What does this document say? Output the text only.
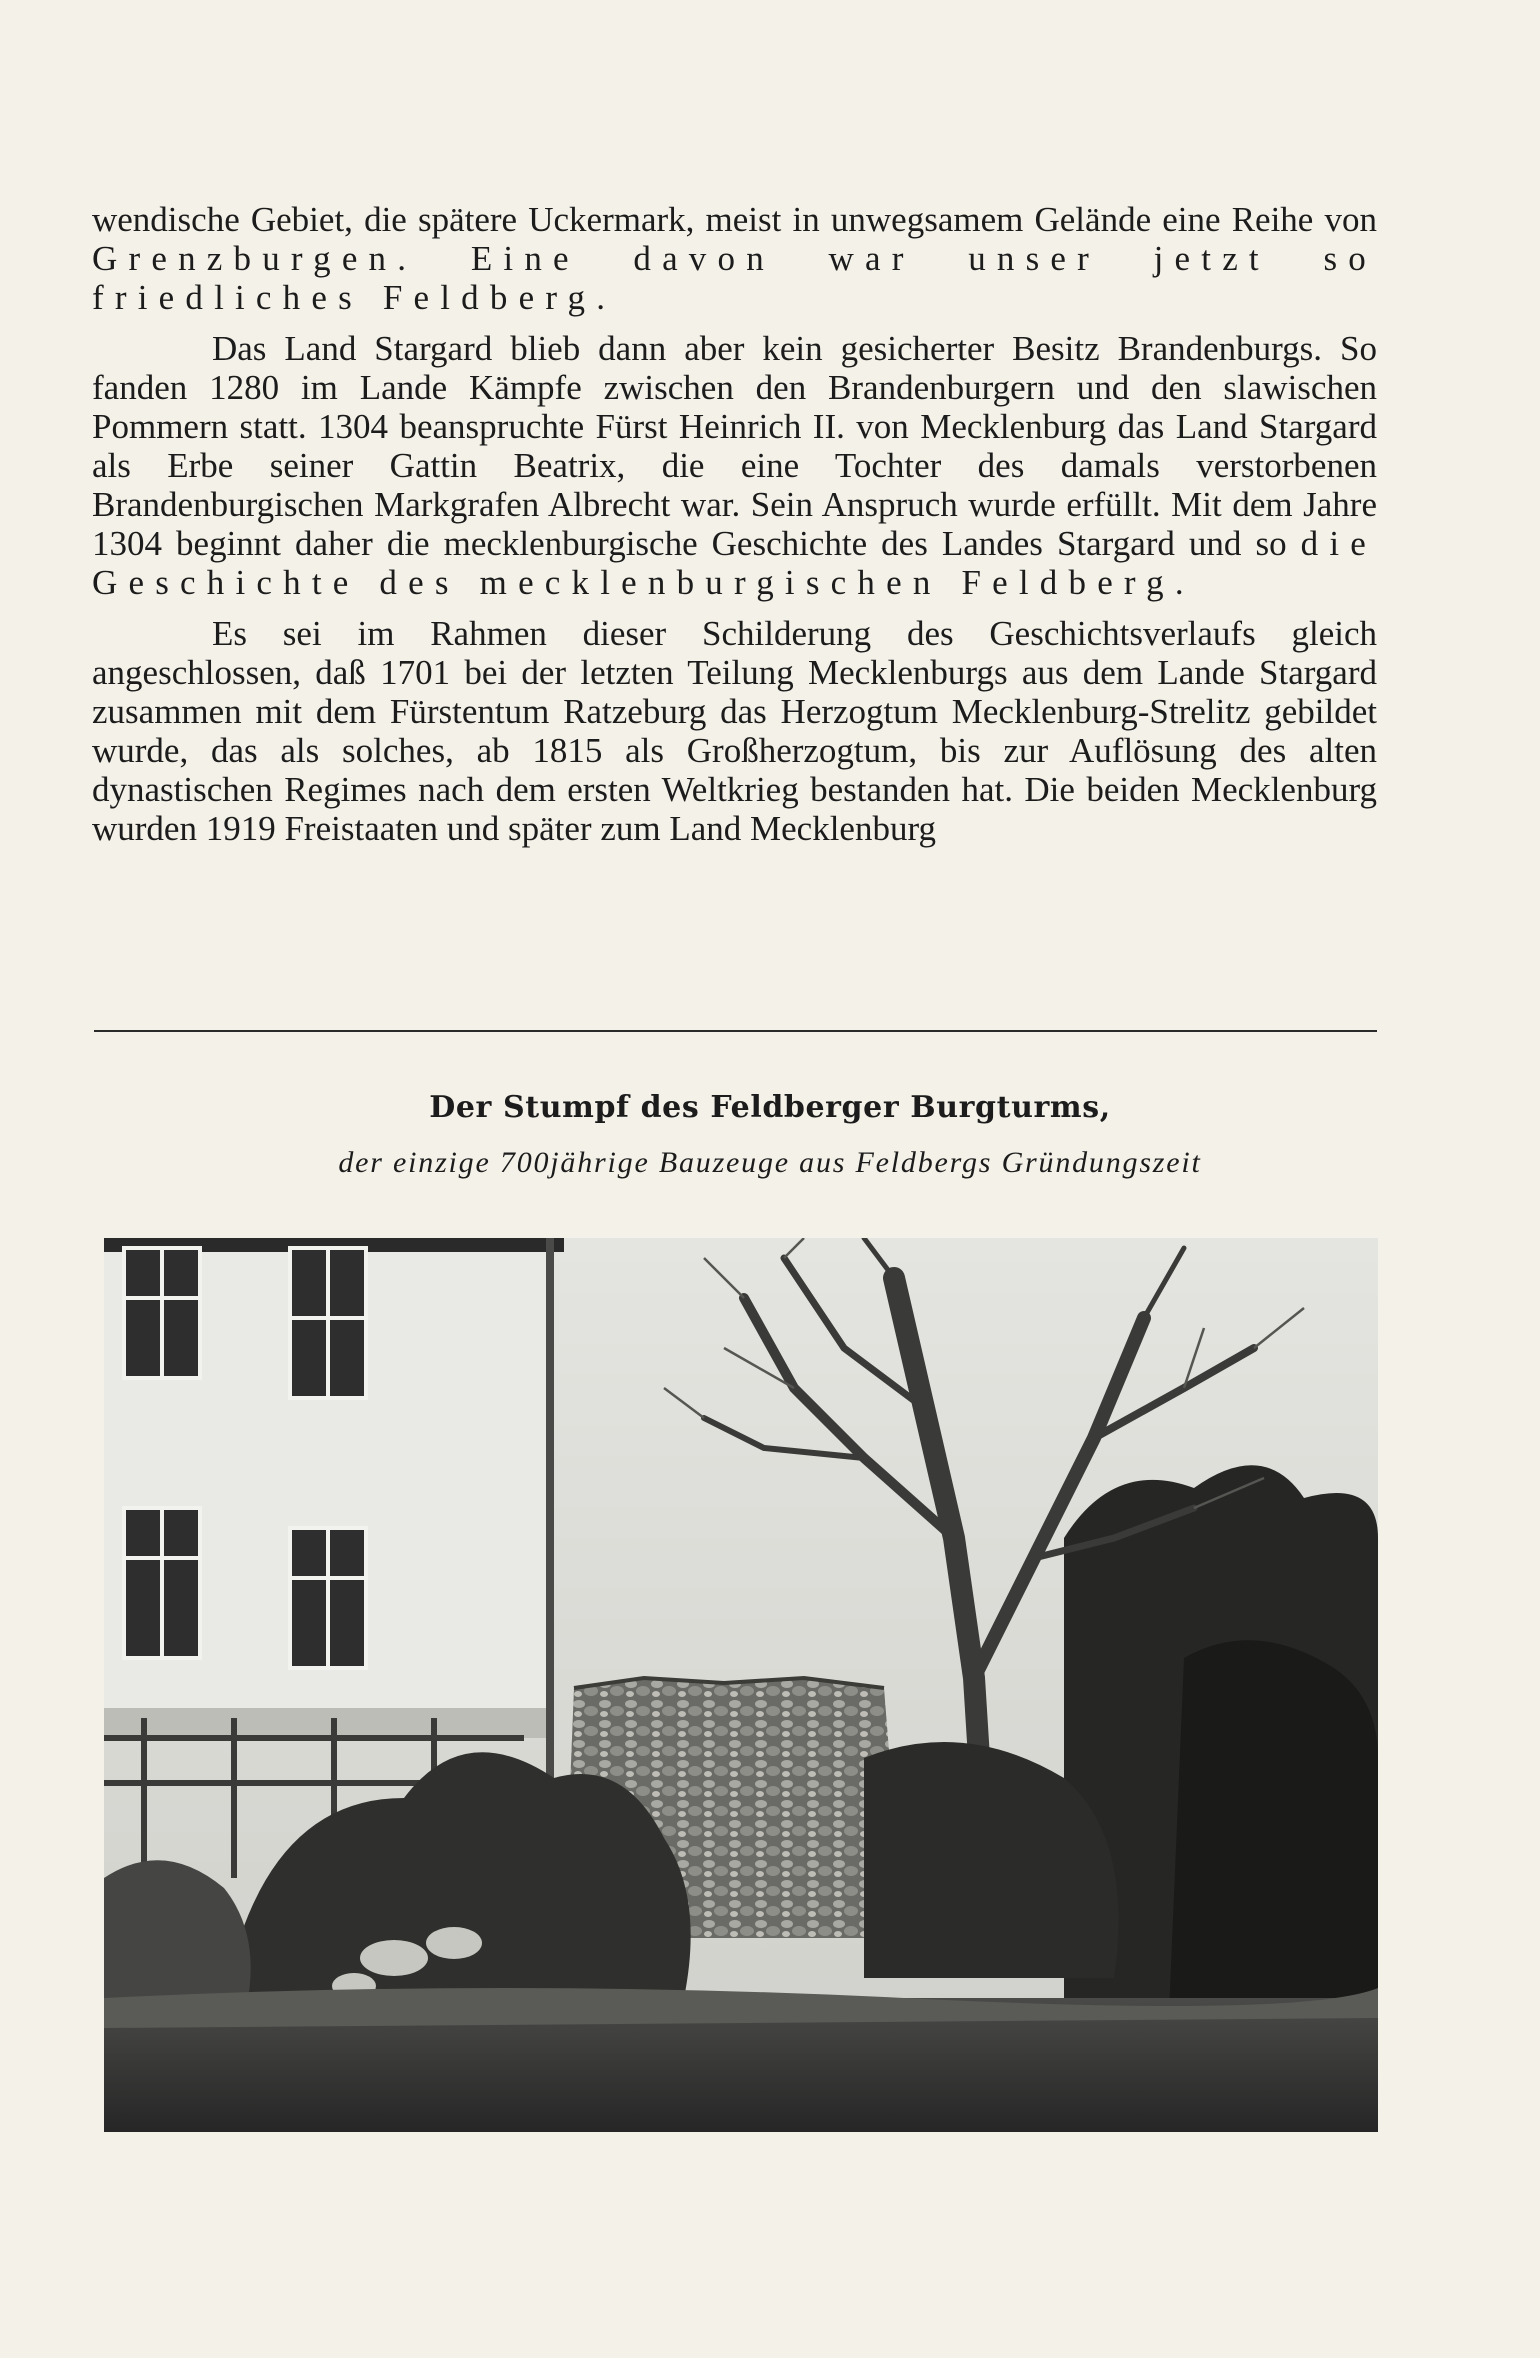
wendische Gebiet, die spätere Uckermark, meist in unwegsamem Gelände eine Reihe von Grenzburgen. Eine davon war unser jetzt so friedliches Feldberg.

Das Land Stargard blieb dann aber kein gesicherter Besitz Brandenburgs. So fanden 1280 im Lande Kämpfe zwischen den Brandenburgern und den slawischen Pommern statt. 1304 beanspruchte Fürst Heinrich II. von Mecklenburg das Land Stargard als Erbe seiner Gattin Beatrix, die eine Tochter des damals verstorbenen Brandenburgischen Markgrafen Albrecht war. Sein Anspruch wurde erfüllt. Mit dem Jahre 1304 beginnt daher die mecklenburgische Geschichte des Landes Stargard und so die Geschichte des mecklenburgischen Feldberg.

Es sei im Rahmen dieser Schilderung des Geschichtsverlaufs gleich angeschlossen, daß 1701 bei der letzten Teilung Mecklenburgs aus dem Lande Stargard zusammen mit dem Fürstentum Ratzeburg das Herzogtum Mecklenburg-Strelitz gebildet wurde, das als solches, ab 1815 als Großherzogtum, bis zur Auflösung des alten dynastischen Regimes nach dem ersten Weltkrieg bestanden hat. Die beiden Mecklenburg wurden 1919 Freistaaten und später zum Land Mecklenburg

Der Stumpf des Feldberger Burgturms,
der einzige 700jährige Bauzeuge aus Feldbergs Gründungszeit
